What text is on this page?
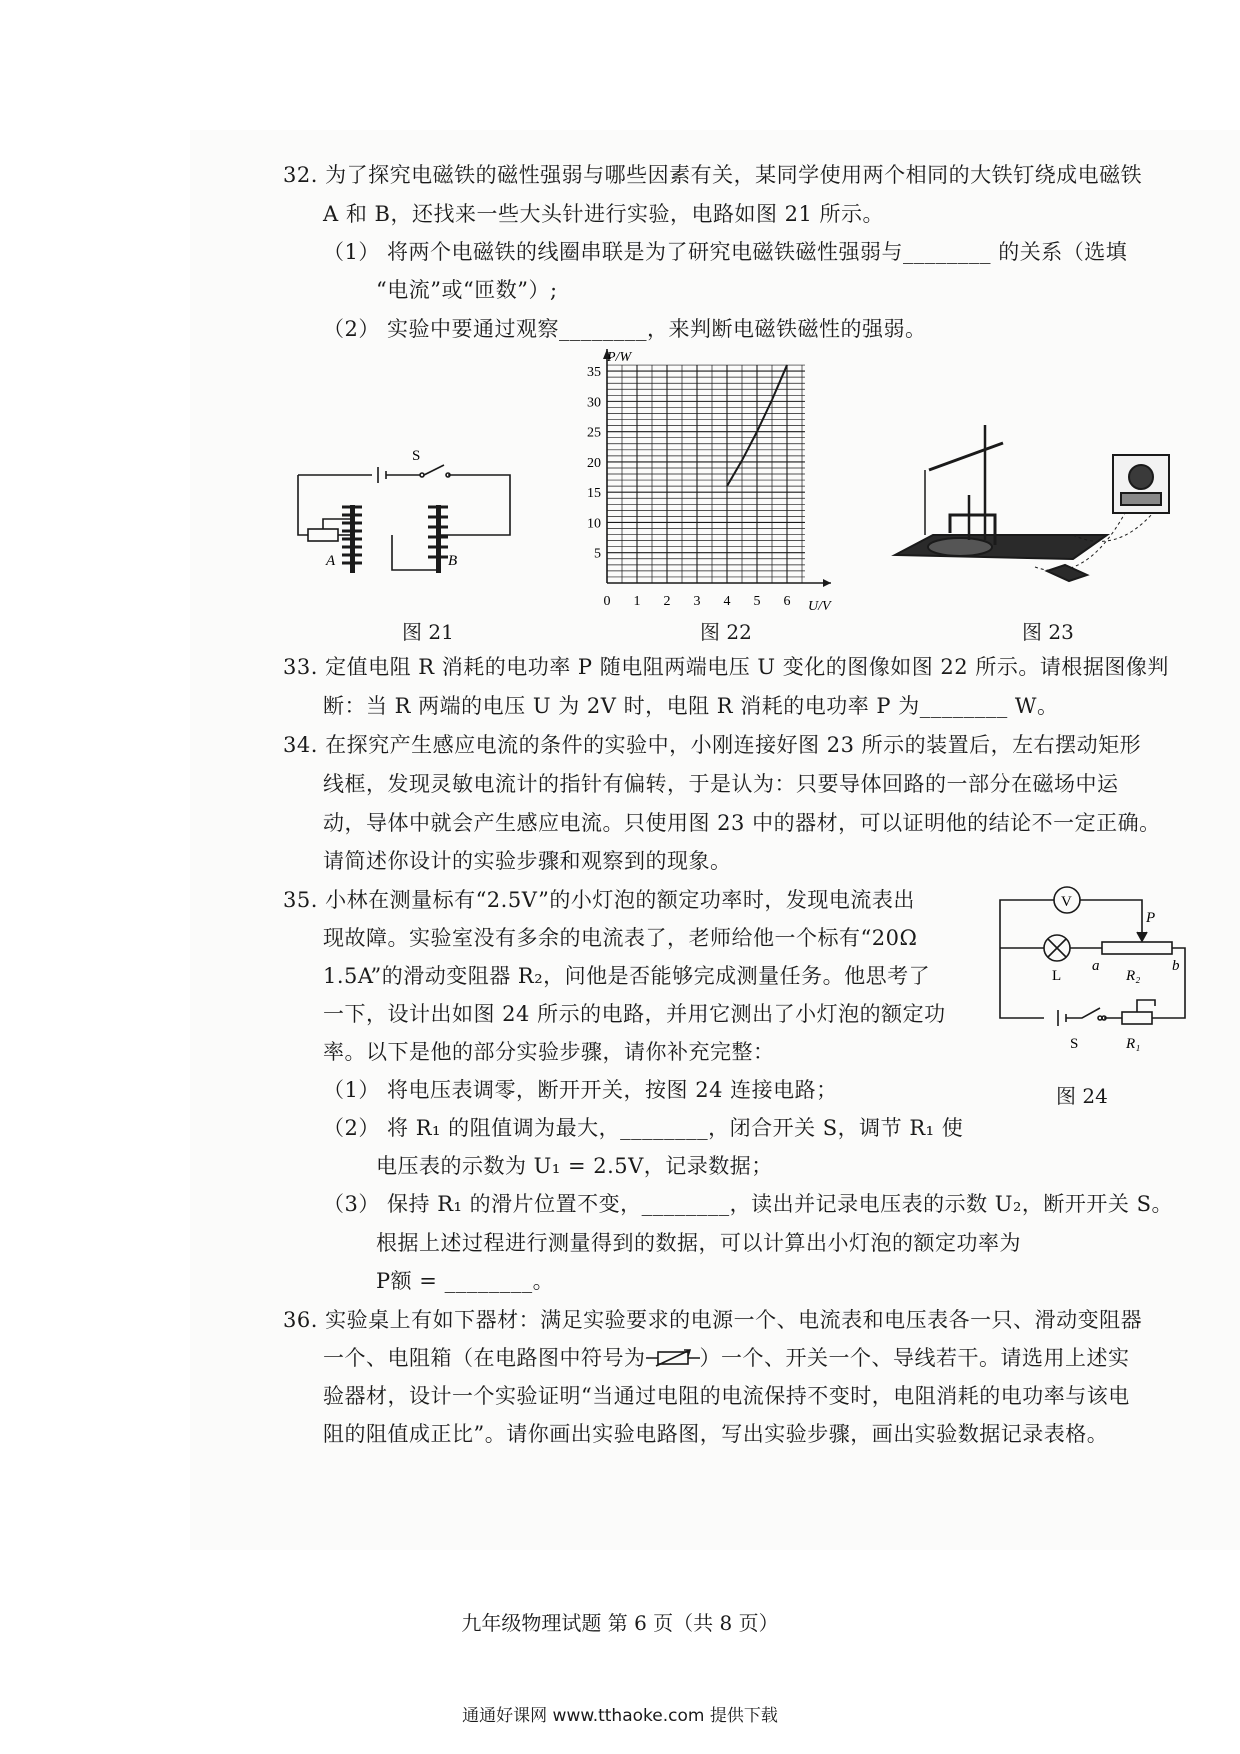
32. 为了探究电磁铁的磁性强弱与哪些因素有关，某同学使用两个相同的大铁钉绕成电磁铁
A 和 B，还找来一些大头针进行实验，电路如图 21 所示。
（1） 将两个电磁铁的线圈串联是为了研究电磁铁磁性强弱与________ 的关系（选填
“电流”或“匝数”）;
（2） 实验中要通过观察________，来判断电磁铁磁性的强弱。
S
A	B
图 21
5
10
15
20
25
30
35
0 1 2 3 4 5 6
P/W
U/V
图 22	图 23
33. 定值电阻 R 消耗的电功率 P 随电阻两端电压 U 变化的图像如图 22 所示。请根据图像判
断：当 R 两端的电压 U 为 2V 时，电阻 R 消耗的电功率 P 为________ W。
34. 在探究产生感应电流的条件的实验中，小刚连接好图 23 所示的装置后，左右摆动矩形
线框，发现灵敏电流计的指针有偏转，于是认为：只要导体回路的一部分在磁场中运
动，导体中就会产生感应电流。只使用图 23 中的器材，可以证明他的结论不一定正确。
请简述你设计的实验步骤和观察到的现象。
35. 小林在测量标有“2.5V”的小灯泡的额定功率时，发现电流表出
现故障。实验室没有多余的电流表了，老师给他一个标有“20Ω
1.5A”的滑动变阻器 R₂，问他是否能够完成测量任务。他思考了
一下，设计出如图 24 所示的电路，并用它测出了小灯泡的额定功
率。以下是他的部分实验步骤，请你补充完整：
（1） 将电压表调零，断开开关，按图 24 连接电路；
（2） 将 R₁ 的阻值调为最大，________，闭合开关 S，调节 R₁ 使
电压表的示数为 U₁ = 2.5V，记录数据；
（3） 保持 R₁ 的滑片位置不变，________，读出并记录电压表的示数 U₂，断开开关 S。
根据上述过程进行测量得到的数据，可以计算出小灯泡的额定功率为
P额 = ________。
V
P
a	b
L	R₂
S	R₁
图 24
36. 实验桌上有如下器材：满足实验要求的电源一个、电流表和电压表各一只、滑动变阻器
一个、电阻箱（在电路图中符号为	）一个、开关一个、导线若干。请选用上述实
验器材，设计一个实验证明“当通过电阻的电流保持不变时，电阻消耗的电功率与该电
阻的阻值成正比”。请你画出实验电路图，写出实验步骤，画出实验数据记录表格。
九年级物理试题 第 6 页（共 8 页）
通通好课网 www.tthaoke.com 提供下载
